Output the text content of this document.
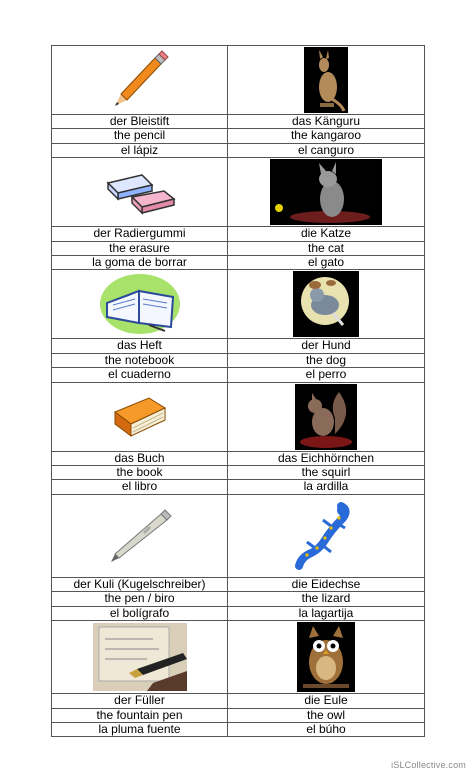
der Bleistift	das Känguru
the pencil	the kangaroo
el lápiz	el canguro

der Radiergummi	die Katze
the erasure	the cat
la goma de borrar	el gato

das Heft	der Hund
the notebook	the dog
el cuaderno	el perro

das Buch	das Eichhörnchen
the book	the squirl
el libro	la ardilla

der Kuli (Kugelschreiber)	die Eidechse
the pen / biro	the lizard
el bolígrafo	la lagartija

der Füller	die Eule
the fountain pen	the owl
la pluma fuente	el búho
iSLCollective.com
